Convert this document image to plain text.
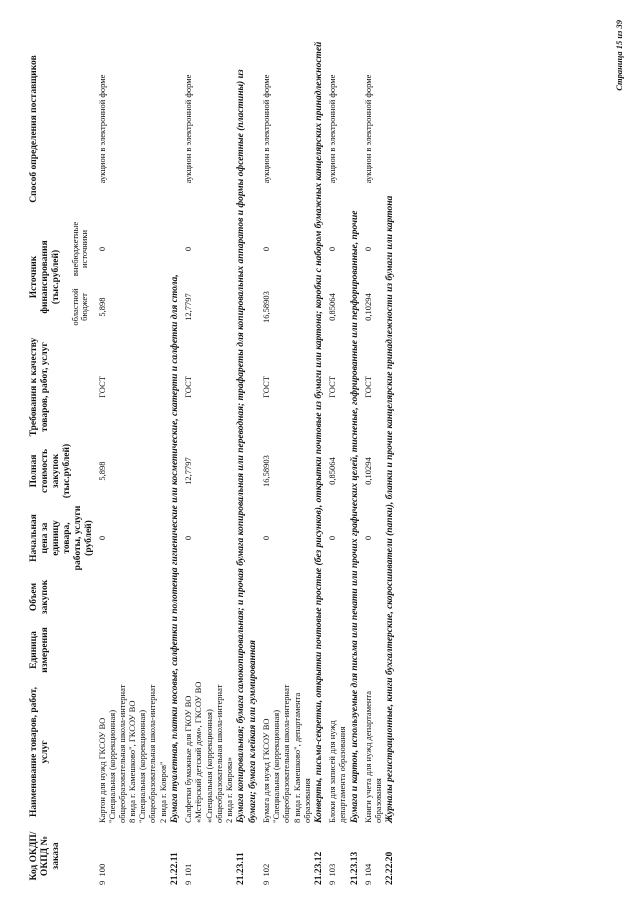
Код ОКДП/ ОКПД № заказа	Наименование товаров, работ, услуг	Единица измерения	Объем закупок	Начальная цена за единицу товара, работы, услуги (рублей)	Полная стоимость закупок (тыс.рублей)	Требования к качеству товаров, работ, услуг	Источник финансирования (тыс.рублей)		Способ определения поставщиков
							областной бюджет	внебюджетные источники	
9  100	Картон для нужд ГКСОУ ВО "Специальная (коррекционная) общеобразовательная школа-интернат 8 вида г. Камешково", ГКСОУ ВО "Специальная (коррекционная) общеобразовательная школа-интернат 2 вида г. Ковров"			0	5,898	ГОСТ	5,898	0	аукцион в электронной форме
21.22.11	Бумага туалетная, платки носовые, салфетки и полотенца гигиенические или косметические, скатерти и салфетки для стола,								
9  101	Салфетки бумажные для ГКОУ ВО «Мстёрский детский дом», ГКСОУ ВО «Специальная (коррекционная) общеобразовательная школа-интернат 2 вида г. Коврова»			0	12,7797	ГОСТ	12,7797	0	аукцион в электронной форме
21.23.11	Бумага копировальная; бумага самокопировальная; и прочая бумага копировальная или переводная; трафареты для копировальных аппаратов и формы офсетные (пластины) из бумаги; бумага клейкая или гуммированная								
9  102	Бумага для нужд ГКСОУ ВО "Специальная (коррекционная) общеобразовательная школа-интернат 8 вида г. Камешково", департамента образования			0	16,58903	ГОСТ	16,58903	0	аукцион в электронной форме
21.23.12	Конверты, письма-секретки, открытки почтовые простые (без рисунков), открытки почтовые из бумаги или картона; коробки с набором бумажных канцелярских принадлежностей								
9  103	Блоки для записей для нужд департамента образования			0	0,85064	ГОСТ	0,85064	0	аукцион в электронной форме
21.23.13	Бумага и картон, используемые для письма или печати или прочих графических целей, тисненые, гофрированные или перфорированные, прочие								
9  104	Книги учета для нужд департамента образования			0	0,10294	ГОСТ	0,10294	0	аукцион в электронной форме
22.22.20	Журналы регистрационные, книги бухгалтерские, скоросшиватели (папки), бланки и прочие канцелярские принадлежности из бумаги или картона								
Страница 15 из 39
